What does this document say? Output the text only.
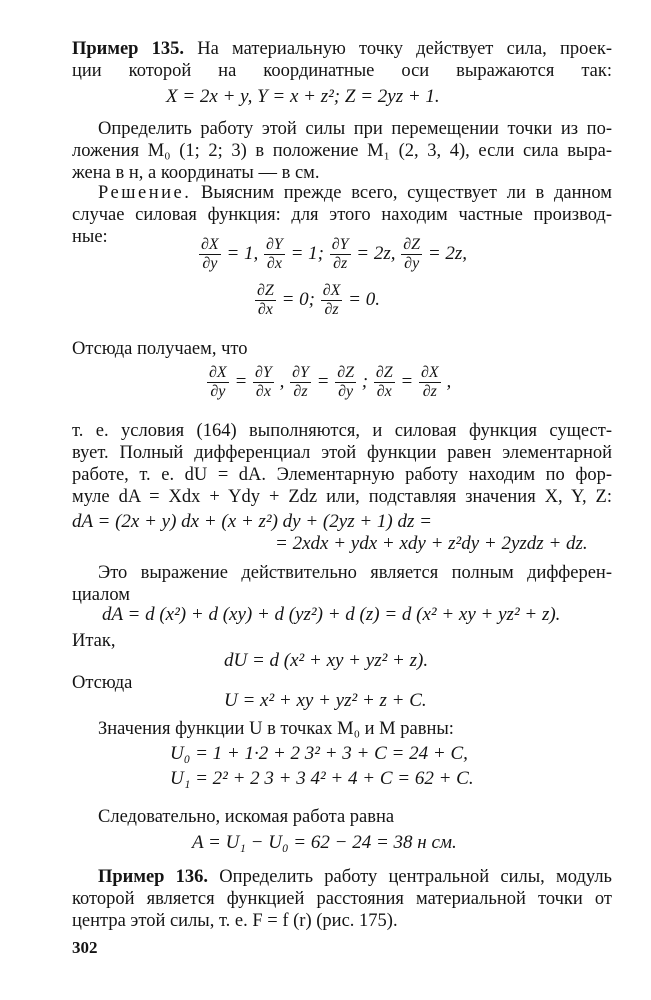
Пример 135. На материальную точку действует сила, проек-
ции которой на координатные оси выражаются так:
X = 2x + y, Y = x + z²; Z = 2yz + 1.
Определить работу этой силы при перемещении точки из по-
ложения M₀ (1; 2; 3) в положение M₁ (2, 3, 4), если сила выра-
жена в н, а координаты — в см.
Решение. Выясним прежде всего, существует ли в данном
случае силовая функция: для этого находим частные производ-
ные:	$\frac{\partial X}{\partial y} = 1$, $\frac{\partial Y}{\partial x} = 1$; $\frac{\partial Y}{\partial z} = 2z$, $\frac{\partial Z}{\partial y} = 2z$,
$\frac{\partial Z}{\partial x} = 0$; $\frac{\partial X}{\partial z} = 0$.
Отсюда получаем, что
$\frac{\partial X}{\partial y} = \frac{\partial Y}{\partial x}$ , $\frac{\partial Y}{\partial z} = \frac{\partial Z}{\partial y}$ ; $\frac{\partial Z}{\partial x} = \frac{\partial X}{\partial z}$ ,
т. е. условия (164) выполняются, и силовая функция сущест-
вует. Полный дифференциал этой функции равен элементарной
работе, т. е. dU = dA. Элементарную работу находим по фор-
муле dA = Xdx + Ydy + Zdz или, подставляя значения X, Y, Z:
dA = (2x + y) dx + (x + z²) dy + (2yz + 1) dz =
= 2xdx + ydx + xdy + z²dy + 2yzdz + dz.
Это выражение действительно является полным дифферен-
циалом
dA = d (x²) + d (xy) + d (yz²) + d (z) = d (x² + xy + yz² + z).
Итак,
dU = d (x² + xy + yz² + z).
Отсюда
U = x² + xy + yz² + z + C.
Значения функции U в точках M₀ и M равны:
U₀ = 1 + 1·2 + 2 3² + 3 + C = 24 + C,
U₁ = 2² + 2 3 + 3 4² + 4 + C = 62 + C.
Следовательно, искомая работа равна
A = U₁ − U₀ = 62 − 24 = 38 н см.
Пример 136. Определить работу центральной силы, модуль
которой является функцией расстояния материальной точки от
центра этой силы, т. е. F = f (r) (рис. 175).
302
